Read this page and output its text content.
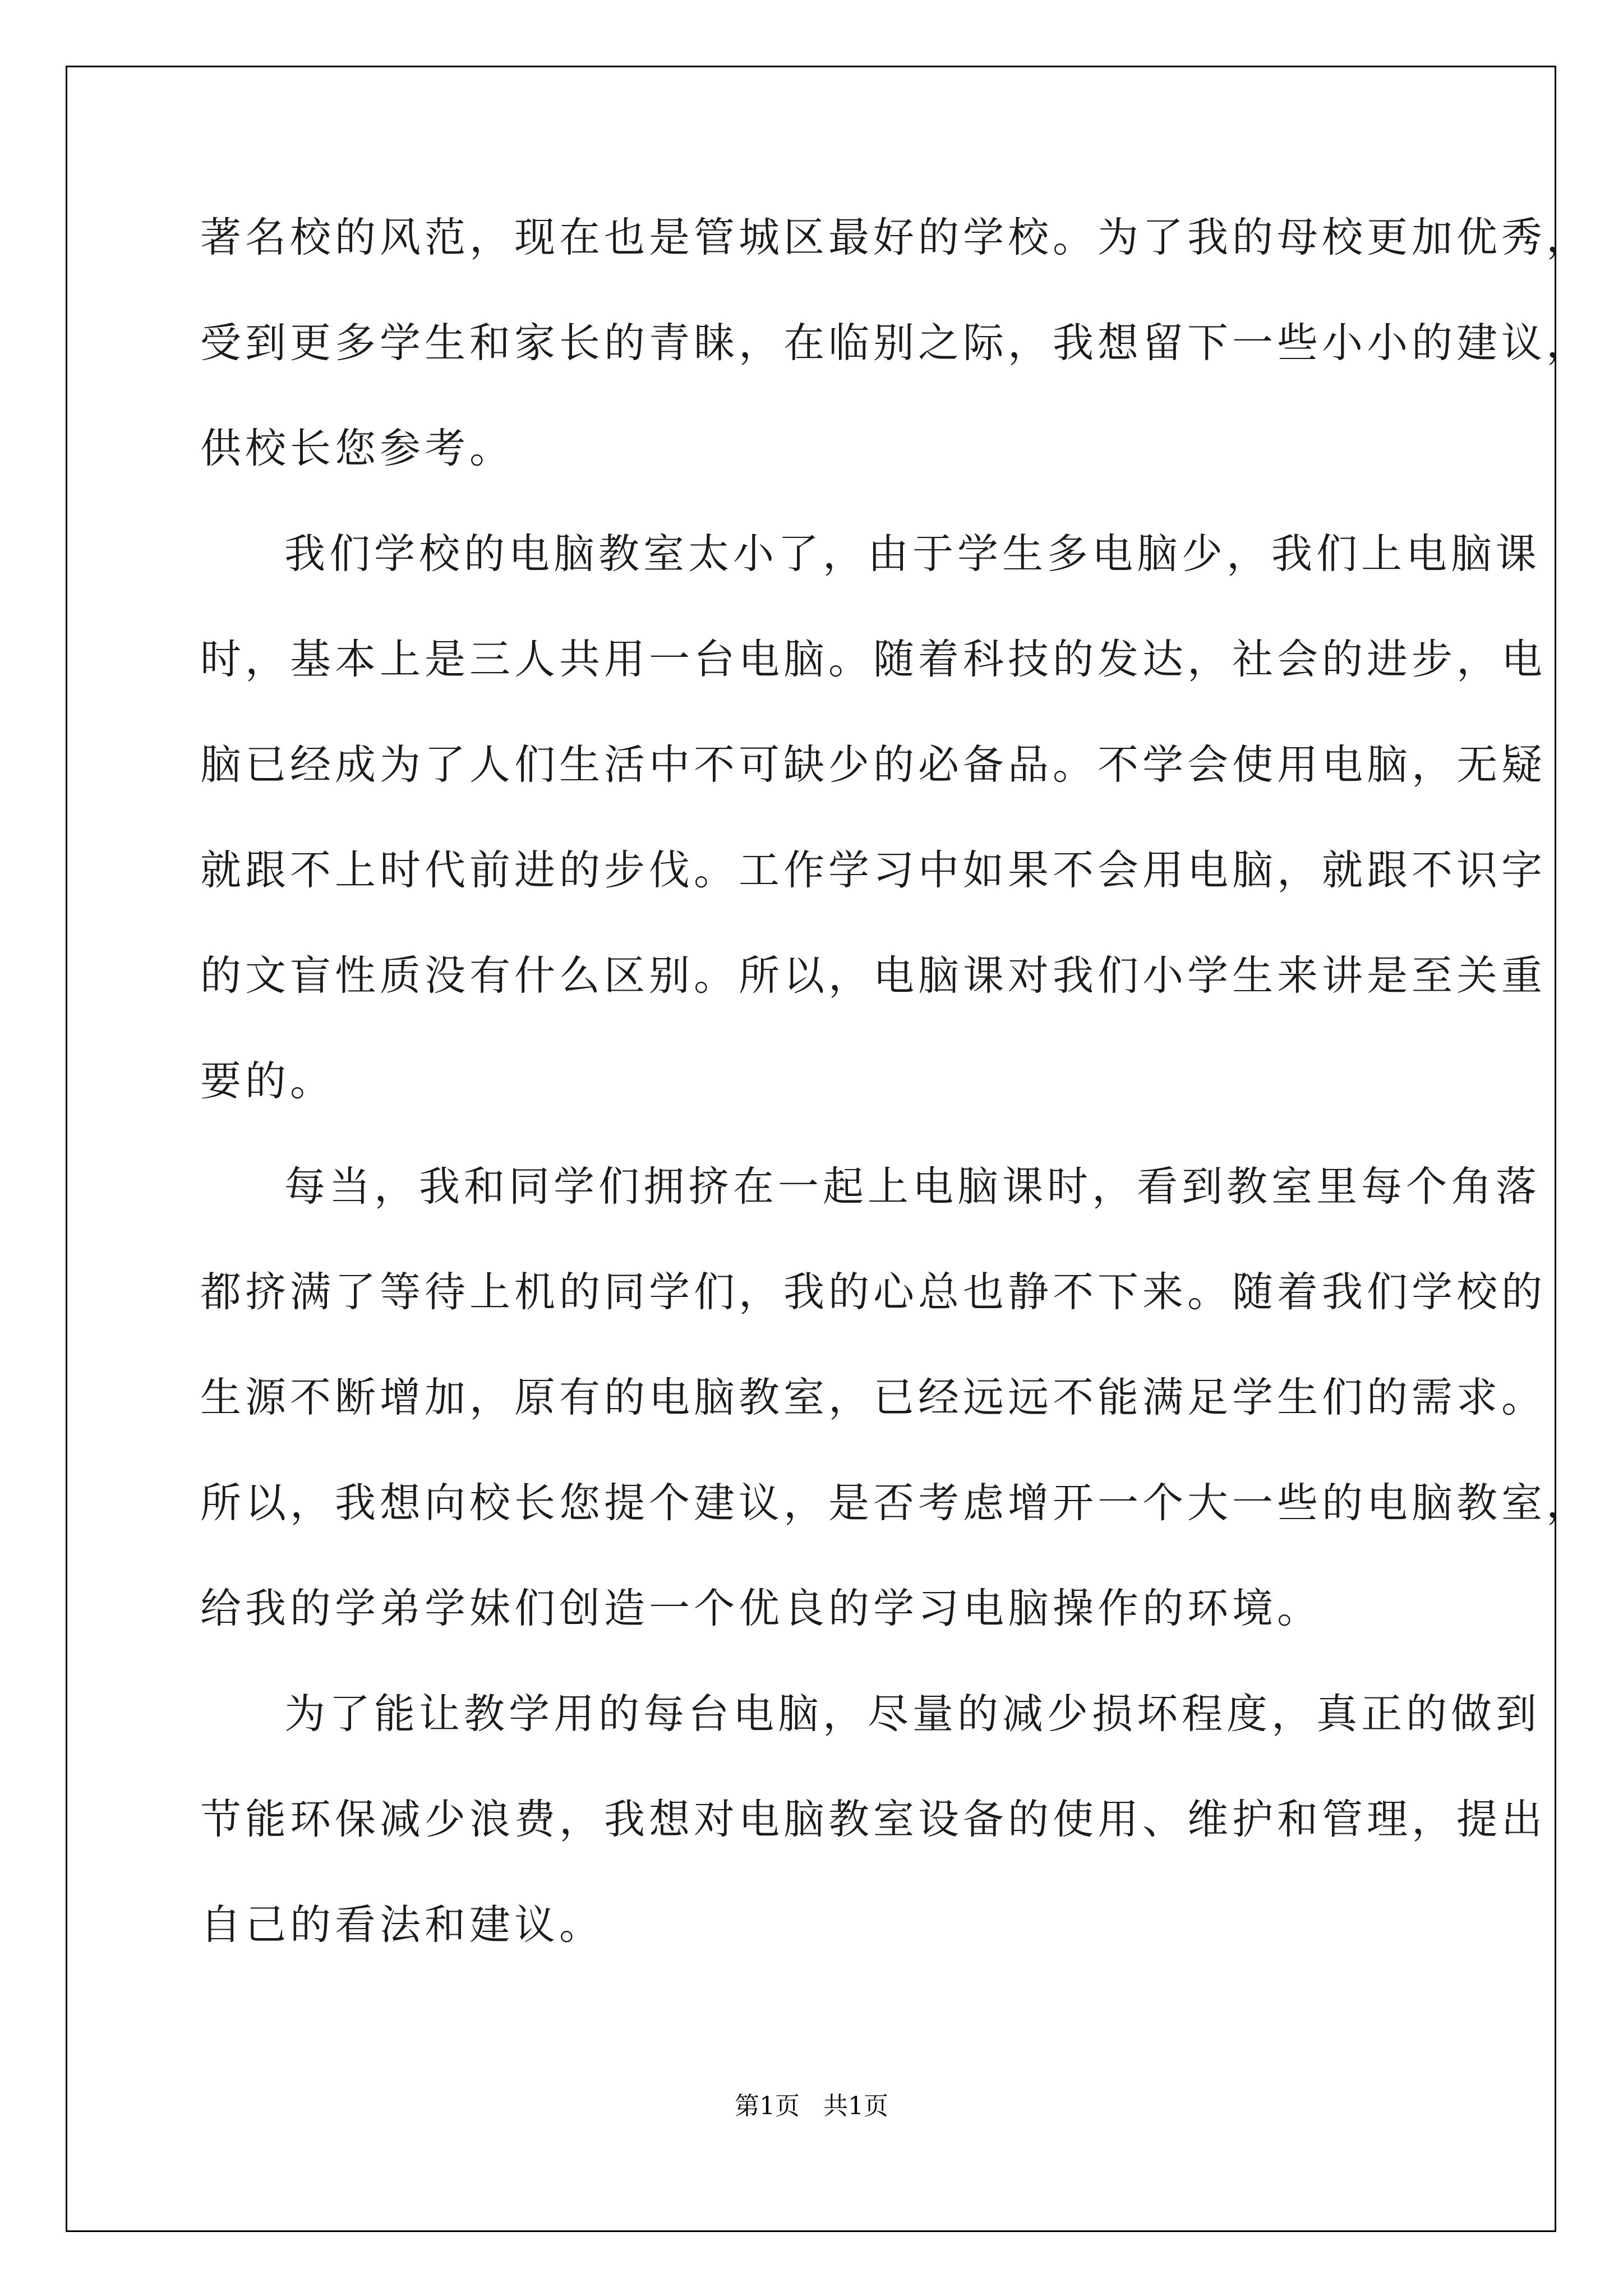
著名校的风范，现在也是管城区最好的学校。为了我的母校更加优秀，
受到更多学生和家长的青睐，在临别之际，我想留下一些小小的建议，
供校长您参考。
我们学校的电脑教室太小了，由于学生多电脑少，我们上电脑课
时，基本上是三人共用一台电脑。随着科技的发达，社会的进步，电
脑已经成为了人们生活中不可缺少的必备品。不学会使用电脑，无疑
就跟不上时代前进的步伐。工作学习中如果不会用电脑，就跟不识字
的文盲性质没有什么区别。所以，电脑课对我们小学生来讲是至关重
要的。
每当，我和同学们拥挤在一起上电脑课时，看到教室里每个角落
都挤满了等待上机的同学们，我的心总也静不下来。随着我们学校的
生源不断增加，原有的电脑教室，已经远远不能满足学生们的需求。
所以，我想向校长您提个建议，是否考虑增开一个大一些的电脑教室，
给我的学弟学妹们创造一个优良的学习电脑操作的环境。
为了能让教学用的每台电脑，尽量的减少损坏程度，真正的做到
节能环保减少浪费，我想对电脑教室设备的使用、维护和管理，提出
自己的看法和建议。
第1页   共1页
